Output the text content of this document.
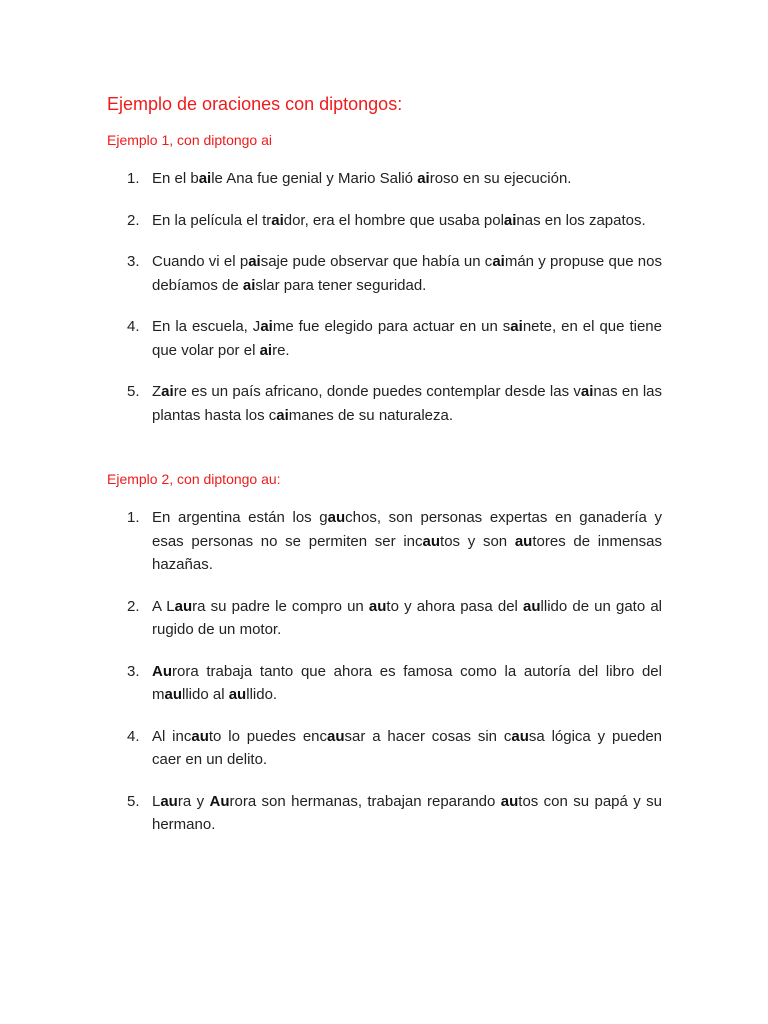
Ejemplo de oraciones con diptongos:

Ejemplo 1, con diptongo ai

1. En el baile Ana fue genial y Mario Salió airoso en su ejecución.
2. En la película el traidor, era el hombre que usaba polainas en los zapatos.
3. Cuando vi el paisaje pude observar que había un caimán y propuse que nos debíamos de aislar para tener seguridad.
4. En la escuela, Jaime fue elegido para actuar en un sainete, en el que tiene que volar por el aire.
5. Zaire es un país africano, donde puedes contemplar desde las vainas en las plantas hasta los caimanes de su naturaleza.

Ejemplo 2, con diptongo au:

1. En argentina están los gauchos, son personas expertas en ganadería y esas personas no se permiten ser incautos y son autores de inmensas hazañas.
2. A Laura su padre le compro un auto y ahora pasa del aullido de un gato al rugido de un motor.
3. Aurora trabaja tanto que ahora es famosa como la autoría del libro del maullido al aullido.
4. Al incauto lo puedes encausar a hacer cosas sin causa lógica y pueden caer en un delito.
5. Laura y Aurora son hermanas, trabajan reparando autos con su papá y su hermano.
